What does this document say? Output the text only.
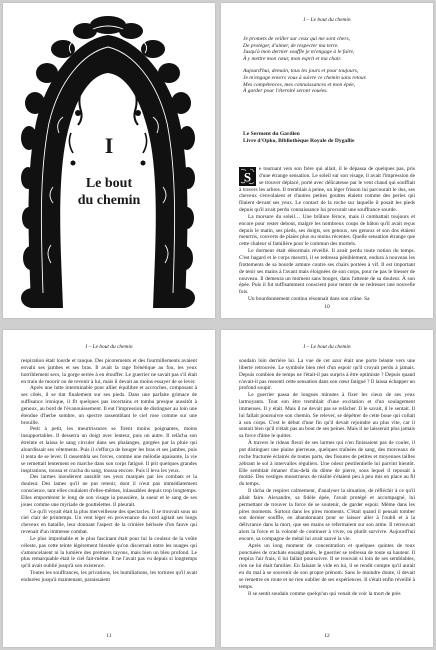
I
Le bout
du chemin
I – Le bout du chemin
Je promets de veiller sur ceux qui me sont chers,
De protéger, d'aimer, de respecter ma terre.
Jusqu'à mon dernier souffle je m'engage à le faire,
À y mettre mon cœur, mon esprit et ma chair.
Aujourd'hui, demain, tous les jours et pour toujours,
Je m'engage envers vous à suivre ce chemin sans retour.
Mes compétences, mes connaissances et mon épée,
À garder pour l'éternité seront vouées.
Le Serment du Gardien
Livre d'Opko, Bibliothèque Royale de Dygallie
S

e tournant vers son frère qui allait, il le dépassa de quelques pas, pris d'une étrange sensation. Le soleil sur son visage, il avait l'impression de se trouver déplacé, porté avec délicatesse par le vent chaud qui soufflait à travers les arbres. Il tremblait à peine, un léger frisson lui parcourait le dos, ses cheveux s'envolaient et d'autres petites gouttes étaient comme des perles qui filaient devant ses yeux. Le contact de la roche sur laquelle il posait les pieds depuis qu'il avait perdu connaissance lui procurait une souffrance sourde.

La morsure du soleil… Une brûlure féroce, mais il combattait toujours et encore pour rester debout, malgré les nombreux coups de bâton qu'il avait reçus depuis le matin, ses pieds, ses doigts, ses genoux, ses genoux et son dos étaient meurtris, couverts de plaies plus ou moins récentes. Quelle sensation étrange que cette chaleur si familière pour le commun des mortels.

Le dormeur était désormais réveillé. Il avait perdu toute notion du temps. C'est hagard et le corps meurtri, il se redressa péniblement, endura à nouveau les frottements de sa bourde armure contre ses chairs portées à vif. Il est important de tenir ses mains à l'avant mais éloignées de son corps, pour ne pas le blesser de nouveau. Il demeura un moment sans bouger, dans l'attente de sa douleur. À son épée. Puis il fut suffisamment conscient pour tenter de se redresser une nouvelle fois.

Un bourdonnement continu résonnait dans son crâne. Sa

10
I – Le bout du chemin

respiration était lourde et rauque. Des picotements et des fourmillements avaient envahi ses jambes et ses bras. Il avait la rage frénétique au fou, les yeux horriblement secs, la gorge serrée à en étouffer. Le guerrier ne savait pas s'il était en train de mourir ou de revenir à lui, mais il devait au moins essayer de se lever.

Après une lutte interminable pour allier équilibre et accroches, composant à ses côtés, il se tint finalement sur ses pieds. Dans une parfaite grimace de suffisance ironique, il fit quelques pas incertains et tomba presque aussitôt à genoux, au bord de l'évanouissement. Il eut l'impression de distinguer au loin une étendue d'herbe sombre, un spectre rassemblant le ciel rose comme sur une brouille.

Petit à petit, les meurtrissures se firent moins poignantes, moins insupportables. Il desserra un doigt avec lenteur, puis un autre. Il relâcha son étreinte et laissa le sang circuler dans ses phalanges, gorgées par la pluie qui alourdissait ses vêtements. Puis il s'efforça de bouger les bras et ses jambes, puis il tenta de se lever. Il rassembla ses forces, comme une mélodie apaisante, la vie se remettait lentement en marche dans son corps fatigué. Il prit quelques grandes inspirations, toussa et cracha du sang, toussa encore. Puis il leva les yeux.

Des larmes inondèrent aussitôt ses yeux marqués par les combats et la douleur. Des lames qu'il ne put retenir, dont il n'eut pas immédiatement conscience, tant elles coulaient d'elles-mêmes, inlassables depuis trop longtemps. Elles emportèrent le long de son visage la poussière, la sueur et le sang de ses joues comme une myriade de gouttelettes. Il pleurait.

Ce qu'il voyait était la plus merveilleuse des spectacles. Il se trouvait sous un ciel clair de printemps. Un vent léger en provenance du nord agitait ses longs cheveux en bataille, leur donnant l'aspect de la crinière hérissée d'un fauve qui revenait d'un immense combat.

Le plus improbable et le plus fascinant était pour lui la couleur de la voûte céleste, pas cette teinte légèrement bleutée qu'on discernait entre les nuages qui s'amoncelaient ni la lumière des premiers rayons, mais bien un bleu profond. Le plus remarquable était le ciel fait-même. Il ne l'avait pas vu depuis si longtemps qu'il avait oublié jusqu'à son existence.

Toutes les souffrances, les privations, les humiliations, les tortures qu'il avait endurées jusqu'à maintenant, paraissaient

11
I – Le bout du chemin

soudain loin derrière lui. La vue de cet azur était une porte béante vers une liberté retrouvée. Le symbole bien réel d'un espoir qu'il croyait perdu à jamais. Depuis combien de temps ne l'était-il pas surpris à être optimiste ? Depuis quand n'avait-il pas ressenti cette sensation dans son cœur fatigué ? Il laissa échapper un profond soupir.

Le guerrier passa de longues minutes à fixer les cieux de ses yeux larmoyants. Tout son être tremblait d'une excitation et d'un soulagement immenses. Il y était. Mais il ne devait pas se relâcher. Il le savait, il le sentait. Il lui fallait poursuivre son chemin. Se relever, se dépêtrer de cette boue qui collait à son corps. C'est le début d'une fin qu'il devait rejoindre au plus vite, car il sentait bien qu'il n'était pas au bout de ses peines. Mais il ne laisserait plus jamais sa force d'âme le quitter.

À travers le rideau fleuri de ses larmes qui n'en finissaient pas de couler, il put distinguer une plaine pierreuse, quelques traînées de sang, des morceaux de roche fracturée éclairés de toutes parts, des fissures de petites et moyennes tailles zébrant le sol à intervalles réguliers. Une odeur pestilentielle lui parvint bientôt. Elle semblait émaner d'au-delà du dôme de pierre, sous lequel il reposait à moitié. Des vestiges monstrueux de réalité s'étaient peu à peu mis en place au fil du temps.

Il tâcha de respirer calmement, d'analyser la situation, de réfléchir à ce qu'il allait faire. Alexandre, sa fidèle épée, l'avait protégé et accompagné, lui permettant de trouver la force de se soutenir, de garder espoir. Même dans les pires moments. Surtout dans les pires moments. C'était quand il pensait tomber son dernier souffle, en abandonnant pour se laisser aller à l'oubli et à la délivrance dans la mort, que ses mains se refermaient sur son arme. Il retrouvait alors la force et la volonté de continuer à vivre, ou plutôt survivre. Aujourd'hui encore, sa compagne de métal lui avait sauvé la vie.

Après un long moment de concentration et quelques quintes de toux ponctuées de crachats ensanglantés, le guerrier se redressa de toute sa hauteur. Il respira l'air frais, il lui fallait poursuivre. Il se trouvait si loin de ses semblables, rien ne lui était familier. En faisant le vide en lui, il se rendit compte qu'il aurait eu du mal à se souvenir de son propre prénom. Sans le moindre doute, il devait se remettre en route et ne rien oublier de ses expériences. Il s'était enfin réveillé à temps.

Il se sentit soudain comme quelqu'un qui venait de voir la mort de près

12
